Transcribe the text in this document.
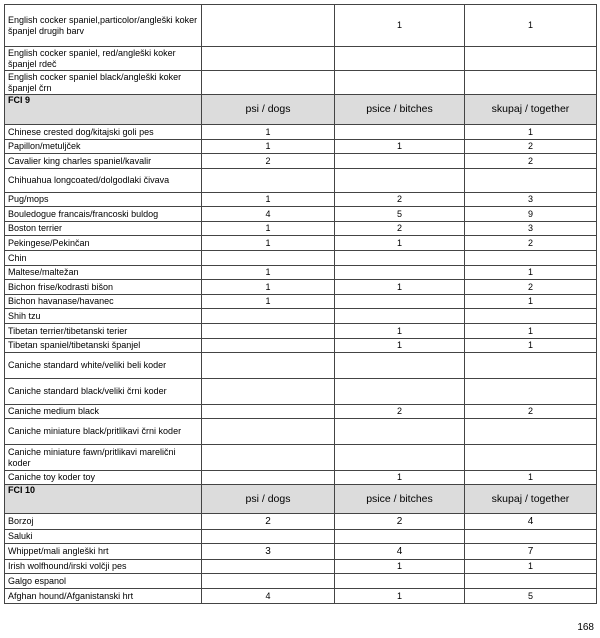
English cocker spaniel,particolor/angleški koker španjel drugih barv		1	1
English cocker spaniel, red/angleški koker španjel rdeč			
English cocker spaniel black/angleški koker španjel črn			
FCI 9	psi / dogs	psice / bitches	skupaj / together
Chinese crested dog/kitajski goli pes	1		1
Papillon/metuljček	1	1	2
Cavalier king charles spaniel/kavalir	2		2
Chihuahua longcoated/dolgodlaki čivava			
Pug/mops	1	2	3
Bouledogue francais/francoski buldog	4	5	9
Boston terrier	1	2	3
Pekingese/Pekinčan	1	1	2
Chin			
Maltese/maltežan	1		1
Bichon frise/kodrasti bišon	1	1	2
Bichon havanase/havanec	1		1
Shih tzu			
Tibetan terrier/tibetanski terier		1	1
Tibetan spaniel/tibetanski španjel		1	1
Caniche standard white/veliki beli koder			
Caniche standard black/veliki črni koder			
Caniche medium black		2	2
Caniche miniature black/pritlikavi črni koder			
Caniche miniature fawn/pritlikavi marelični koder			
Caniche toy koder toy		1	1
FCI 10	psi / dogs	psice / bitches	skupaj / together
Borzoj	2	2	4
Saluki			
Whippet/mali angleški hrt	3	4	7
Irish wolfhound/irski volčji pes		1	1
Galgo espanol			
Afghan hound/Afganistanski hrt	4	1	5
168
